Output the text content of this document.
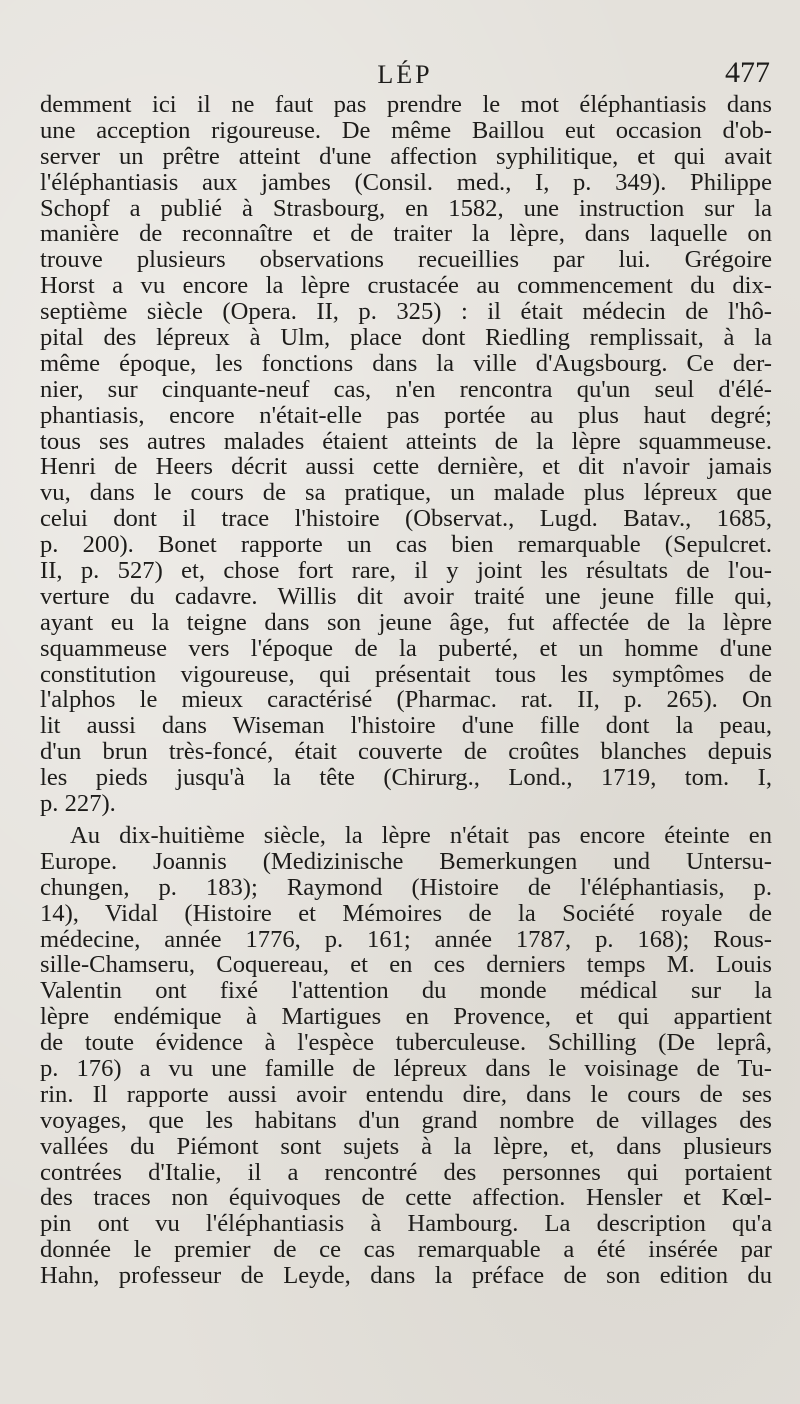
LÉP	477
demment ici il ne faut pas prendre le mot éléphantiasis dans
une acception rigoureuse. De même Baillou eut occasion d'ob-
server un prêtre atteint d'une affection syphilitique, et qui avait
l'éléphantiasis aux jambes (Consil. med., I, p. 349). Philippe
Schopf a publié à Strasbourg, en 1582, une instruction sur la
manière de reconnaître et de traiter la lèpre, dans laquelle on
trouve plusieurs observations recueillies par lui. Grégoire
Horst a vu encore la lèpre crustacée au commencement du dix-
septième siècle (Opera. II, p. 325) : il était médecin de l'hô-
pital des lépreux à Ulm, place dont Riedling remplissait, à la
même époque, les fonctions dans la ville d'Augsbourg. Ce der-
nier, sur cinquante-neuf cas, n'en rencontra qu'un seul d'élé-
phantiasis, encore n'était-elle pas portée au plus haut degré;
tous ses autres malades étaient atteints de la lèpre squammeuse.
Henri de Heers décrit aussi cette dernière, et dit n'avoir jamais
vu, dans le cours de sa pratique, un malade plus lépreux que
celui dont il trace l'histoire (Observat., Lugd. Batav., 1685,
p. 200). Bonet rapporte un cas bien remarquable (Sepulcret.
II, p. 527) et, chose fort rare, il y joint les résultats de l'ou-
verture du cadavre. Willis dit avoir traité une jeune fille qui,
ayant eu la teigne dans son jeune âge, fut affectée de la lèpre
squammeuse vers l'époque de la puberté, et un homme d'une
constitution vigoureuse, qui présentait tous les symptômes de
l'alphos le mieux caractérisé (Pharmac. rat. II, p. 265). On
lit aussi dans Wiseman l'histoire d'une fille dont la peau,
d'un brun très-foncé, était couverte de croûtes blanches depuis
les pieds jusqu'à la tête (Chirurg., Lond., 1719, tom. I,
p. 227).
Au dix-huitième siècle, la lèpre n'était pas encore éteinte en
Europe. Joannis (Medizinische Bemerkungen und Untersu-
chungen, p. 183); Raymond (Histoire de l'éléphantiasis, p.
14), Vidal (Histoire et Mémoires de la Société royale de
médecine, année 1776, p. 161; année 1787, p. 168); Rous-
sille-Chamseru, Coquereau, et en ces derniers temps M. Louis
Valentin ont fixé l'attention du monde médical sur la
lèpre endémique à Martigues en Provence, et qui appartient
de toute évidence à l'espèce tuberculeuse. Schilling (De leprâ,
p. 176) a vu une famille de lépreux dans le voisinage de Tu-
rin. Il rapporte aussi avoir entendu dire, dans le cours de ses
voyages, que les habitans d'un grand nombre de villages des
vallées du Piémont sont sujets à la lèpre, et, dans plusieurs
contrées d'Italie, il a rencontré des personnes qui portaient
des traces non équivoques de cette affection. Hensler et Kœl-
pin ont vu l'éléphantiasis à Hambourg. La description qu'a
donnée le premier de ce cas remarquable a été insérée par
Hahn, professeur de Leyde, dans la préface de son edition du
